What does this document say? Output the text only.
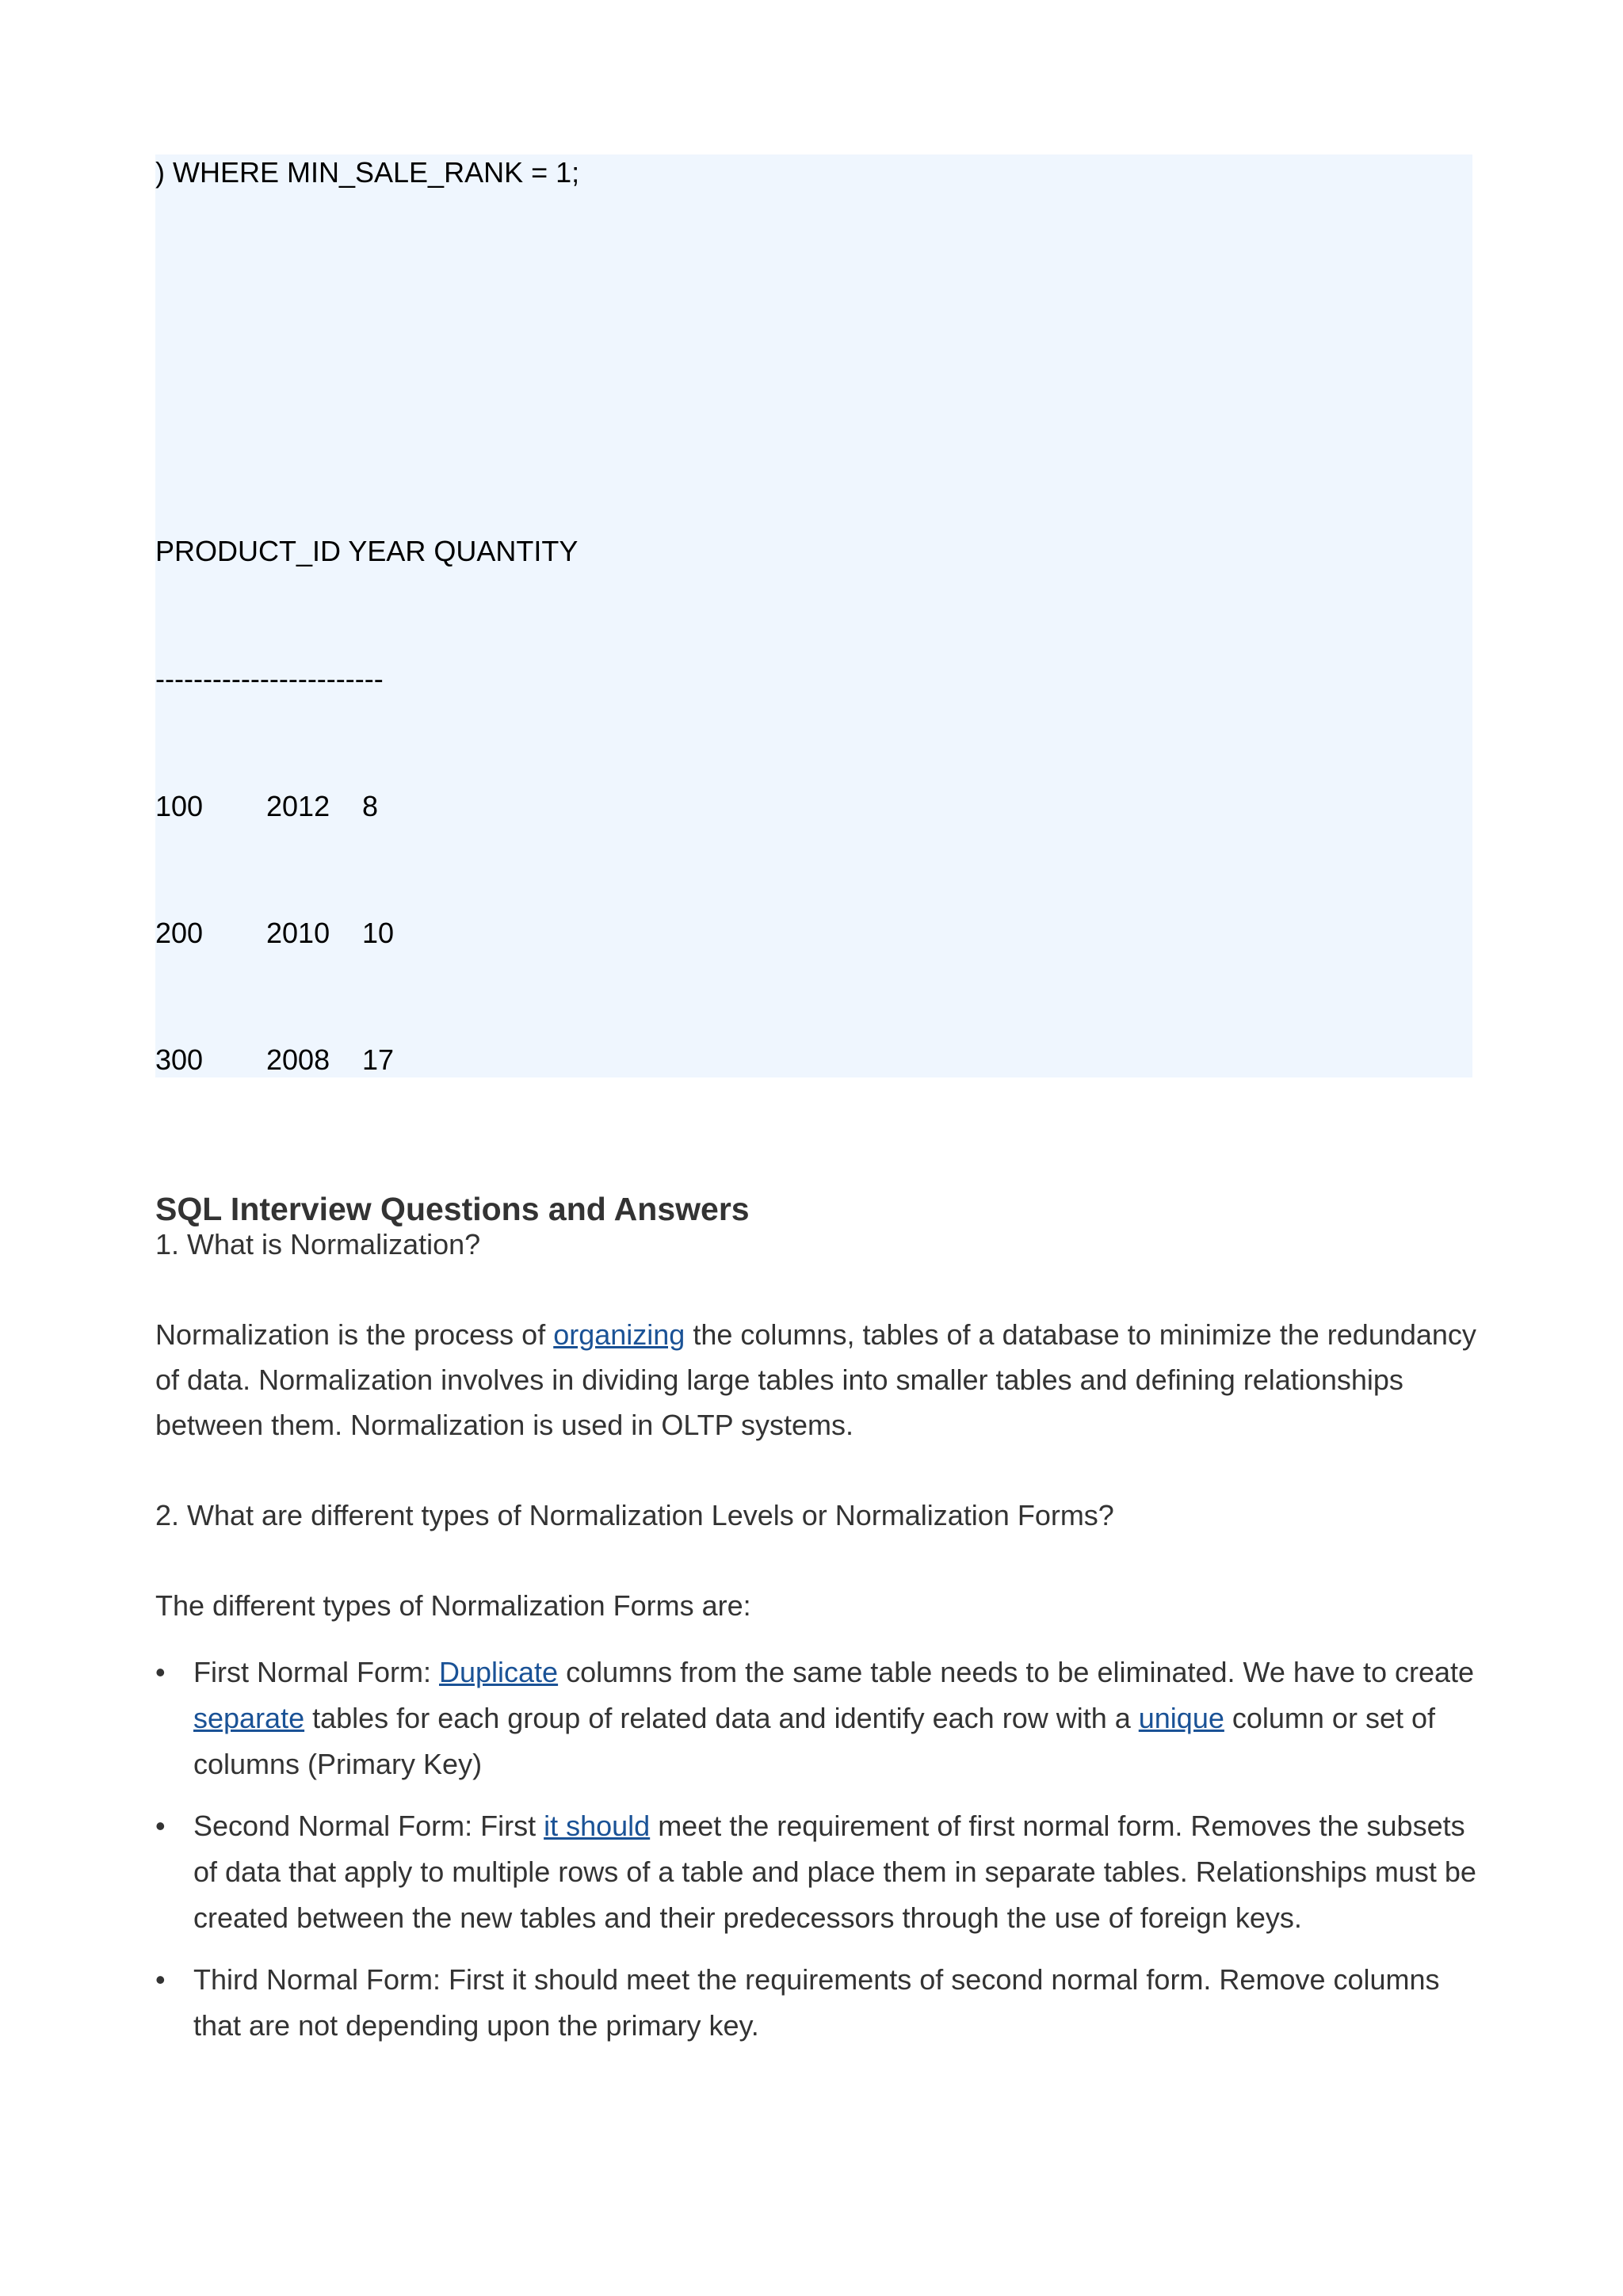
) WHERE MIN_SALE_RANK = 1;
PRODUCT_ID YEAR QUANTITY
------------------------
100 2012 8
200 2010 10
300 2008 17
SQL Interview Questions and Answers

1. What is Normalization?

Normalization is the process of organizing the columns, tables of a database to minimize the redundancy of data. Normalization involves in dividing large tables into smaller tables and defining relationships between them. Normalization is used in OLTP systems.

2. What are different types of Normalization Levels or Normalization Forms?

The different types of Normalization Forms are:

• First Normal Form: Duplicate columns from the same table needs to be eliminated. We have to create separate tables for each group of related data and identify each row with a unique column or set of columns (Primary Key)
• Second Normal Form: First it should meet the requirement of first normal form. Removes the subsets of data that apply to multiple rows of a table and place them in separate tables. Relationships must be created between the new tables and their predecessors through the use of foreign keys.
• Third Normal Form: First it should meet the requirements of second normal form. Remove columns that are not depending upon the primary key.
